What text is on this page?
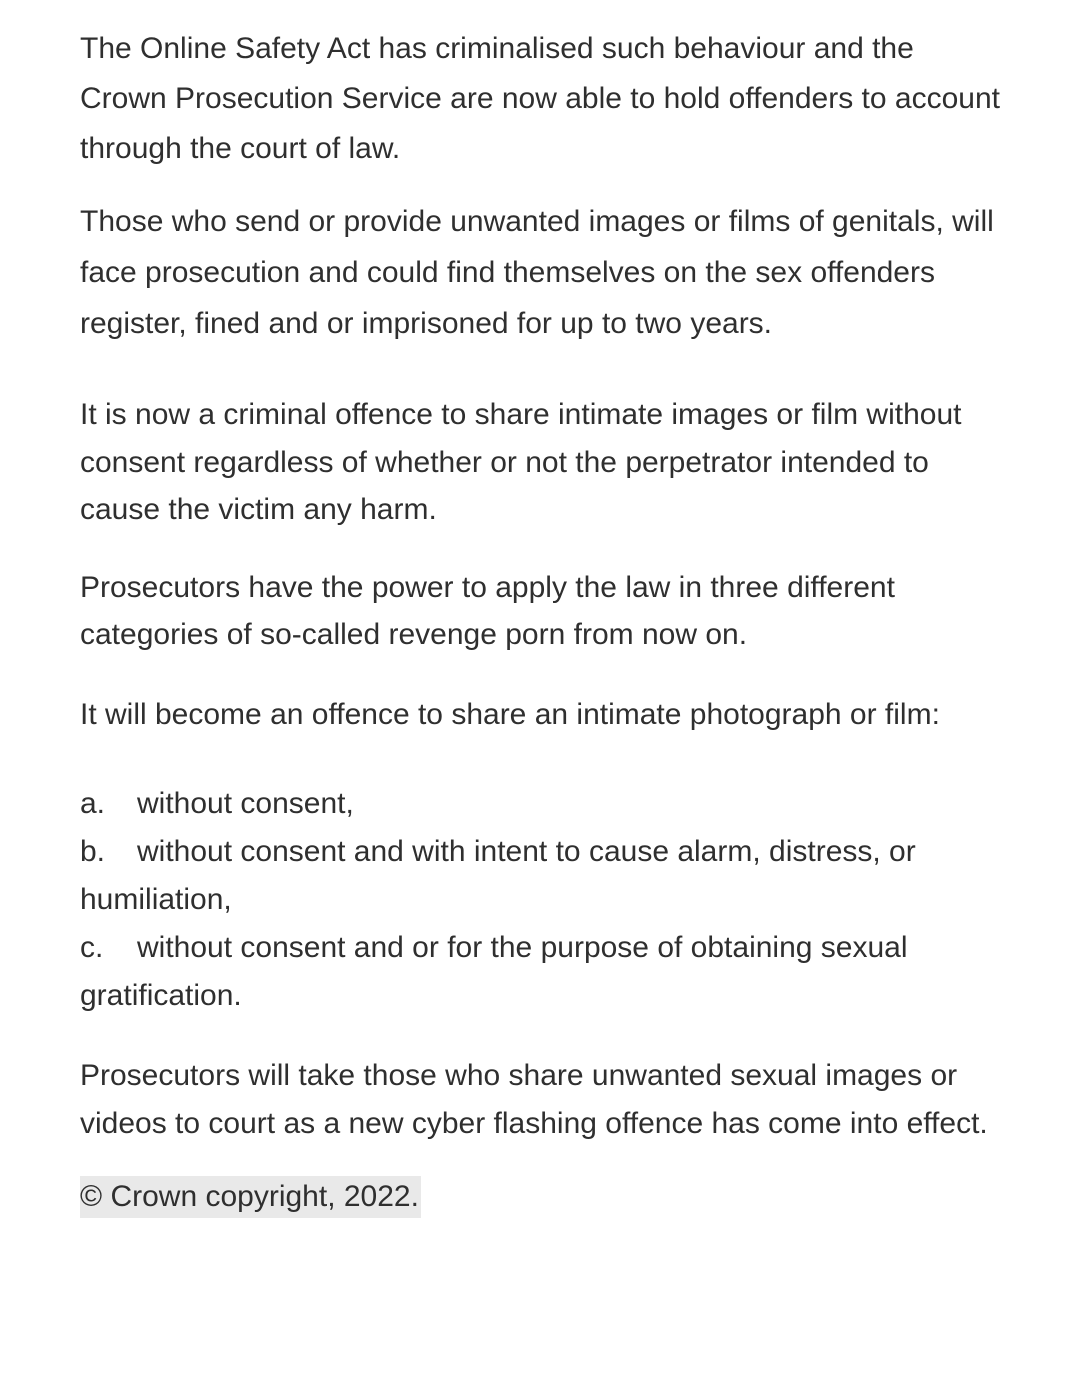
The Online Safety Act has criminalised such behaviour and the Crown Prosecution Service are now able to hold offenders to account through the court of law.

Those who send or provide unwanted images or films of genitals, will face prosecution and could find themselves on the sex offenders register, fined and or imprisoned for up to two years.

It is now a criminal offence to share intimate images or film without consent regardless of whether or not the perpetrator intended to cause the victim any harm.

Prosecutors have the power to apply the law in three different categories of so-called revenge porn from now on.

It will become an offence to share an intimate photograph or film:

a. without consent,

b. without consent and with intent to cause alarm, distress, or humiliation,

c. without consent and or for the purpose of obtaining sexual gratification.

Prosecutors will take those who share unwanted sexual images or videos to court as a new cyber flashing offence has come into effect.

© Crown copyright, 2022.
